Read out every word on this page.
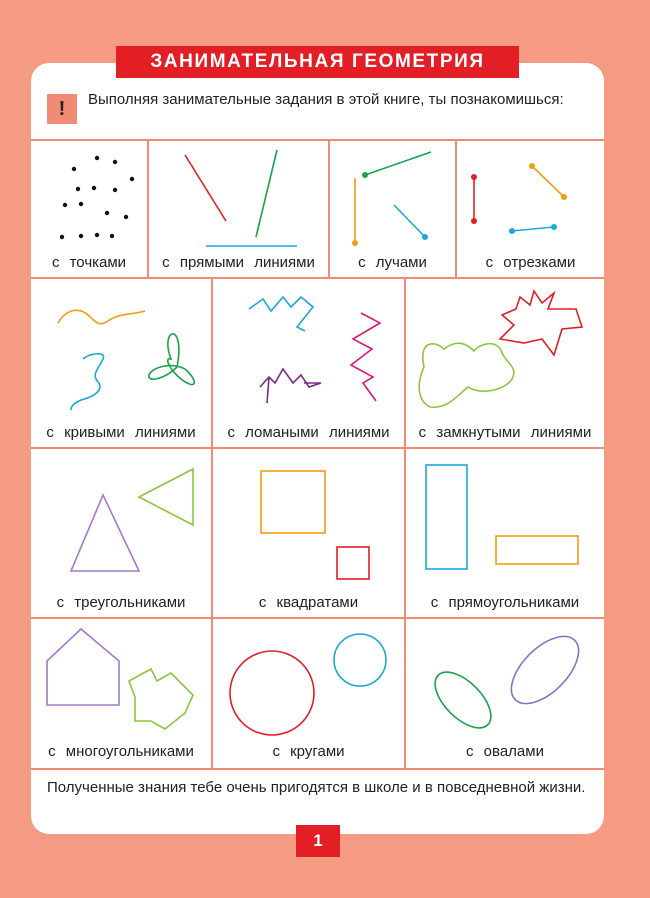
ЗАНИМАТЕЛЬНАЯ ГЕОМЕТРИЯ
!	Выполняя занимательные задания в этой книге, ты познакомишься:
с точками	с прямыми линиями	с лучами	с отрезками
с кривыми линиями	с ломаными линиями	с замкнутыми линиями
с треугольниками	с квадратами	с прямоугольниками
с многоугольниками	с кругами	с овалами
Полученные знания тебе очень пригодятся в школе и в повседневной жизни.
1
